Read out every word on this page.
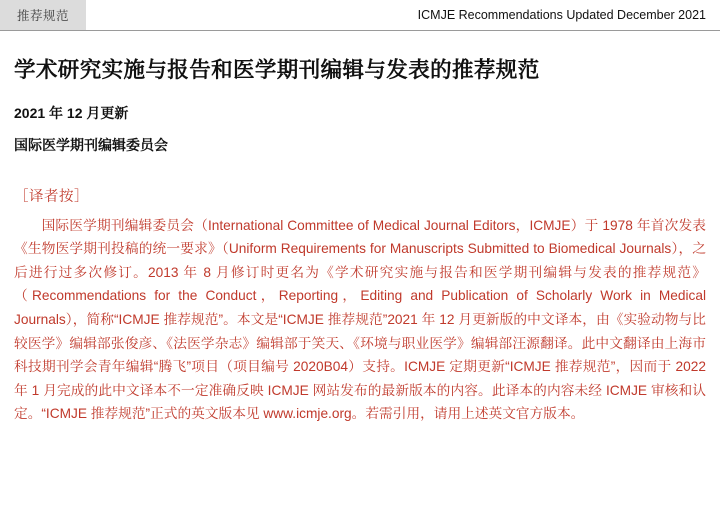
推荐规范	ICMJE Recommendations Updated December 2021
学术研究实施与报告和医学期刊编辑与发表的推荐规范
2021 年 12 月更新
国际医学期刊编辑委员会
［译者按］

国际医学期刊编辑委员会（International Committee of Medical Journal Editors，ICMJE）于 1978 年首次发表《生物医学期刊投稿的统一要求》（Uniform Requirements for Manuscripts Submitted to Biomedical Journals），之后进行过多次修订。2013 年 8 月修订时更名为《学术研究实施与报告和医学期刊编辑与发表的推荐规范》（Recommendations for the Conduct，Reporting，Editing and Publication of Scholarly Work in Medical Journals），简称“ICMJE 推荐规范”。本文是“ICMJE 推荐规范”2021 年 12 月更新版的中文译本，由《实验动物与比较医学》编辑部张俊彦、《法医学杂志》编辑部于笑天、《环境与职业医学》编辑部汪源翻译。此中文翻译由上海市科技期刊学会青年编辑“腾飞”项目（项目编号 2020B04）支持。ICMJE 定期更新“ICMJE 推荐规范”，因而于 2022 年 1 月完成的此中文译本不一定准确反映 ICMJE 网站发布的最新版本的内容。此译本的内容未经 ICMJE 审核和认定。“ICMJE 推荐规范”正式的英文版本见 www.icmje.org。若需引用，请用上述英文官方版本。
